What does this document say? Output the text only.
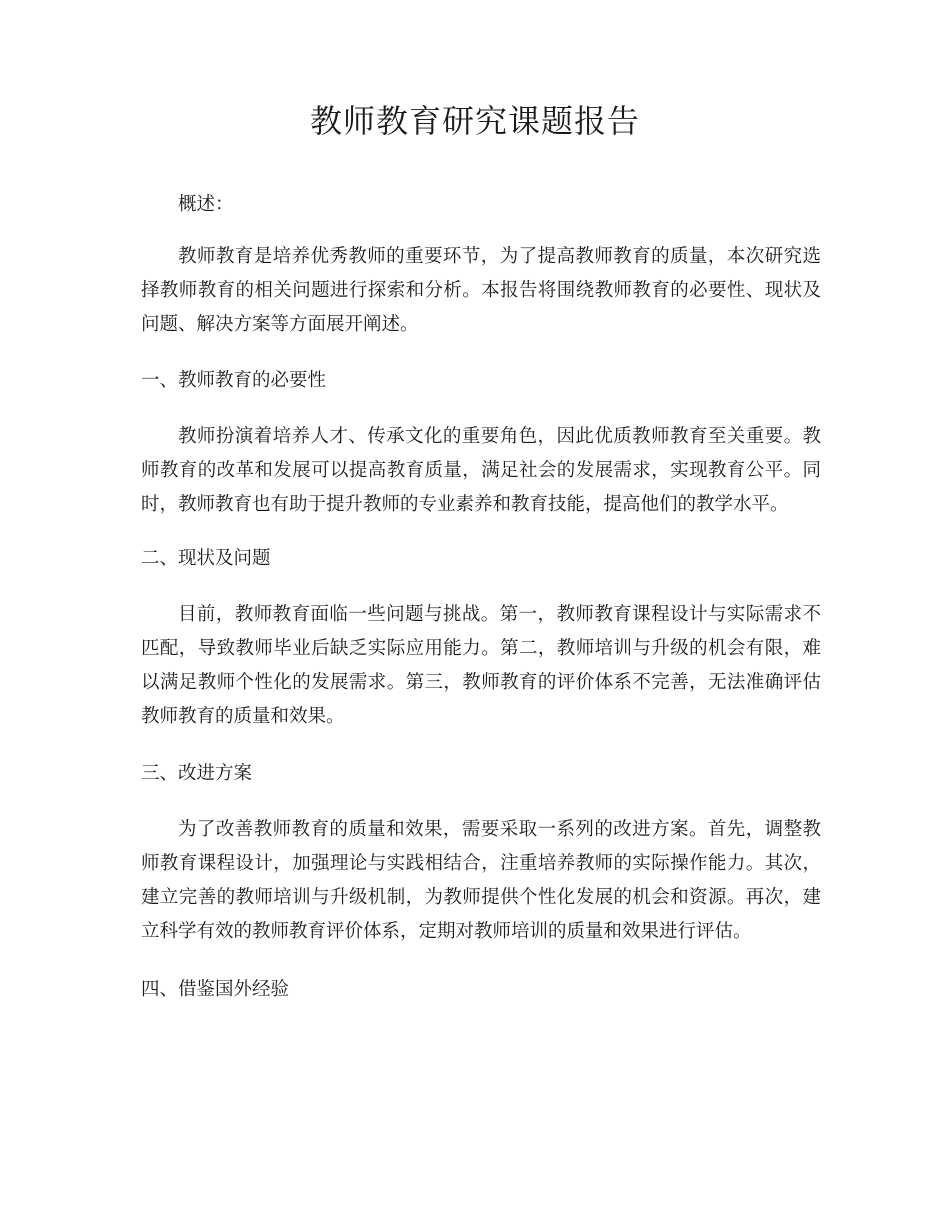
教师教育研究课题报告

概述：

教师教育是培养优秀教师的重要环节，为了提高教师教育的质量，本次研究选择教师教育的相关问题进行探索和分析。本报告将围绕教师教育的必要性、现状及问题、解决方案等方面展开阐述。

一、教师教育的必要性

教师扮演着培养人才、传承文化的重要角色，因此优质教师教育至关重要。教师教育的改革和发展可以提高教育质量，满足社会的发展需求，实现教育公平。同时，教师教育也有助于提升教师的专业素养和教育技能，提高他们的教学水平。

二、现状及问题

目前，教师教育面临一些问题与挑战。第一，教师教育课程设计与实际需求不匹配，导致教师毕业后缺乏实际应用能力。第二，教师培训与升级的机会有限，难以满足教师个性化的发展需求。第三，教师教育的评价体系不完善，无法准确评估教师教育的质量和效果。

三、改进方案

为了改善教师教育的质量和效果，需要采取一系列的改进方案。首先，调整教师教育课程设计，加强理论与实践相结合，注重培养教师的实际操作能力。其次，建立完善的教师培训与升级机制，为教师提供个性化发展的机会和资源。再次，建立科学有效的教师教育评价体系，定期对教师培训的质量和效果进行评估。

四、借鉴国外经验
